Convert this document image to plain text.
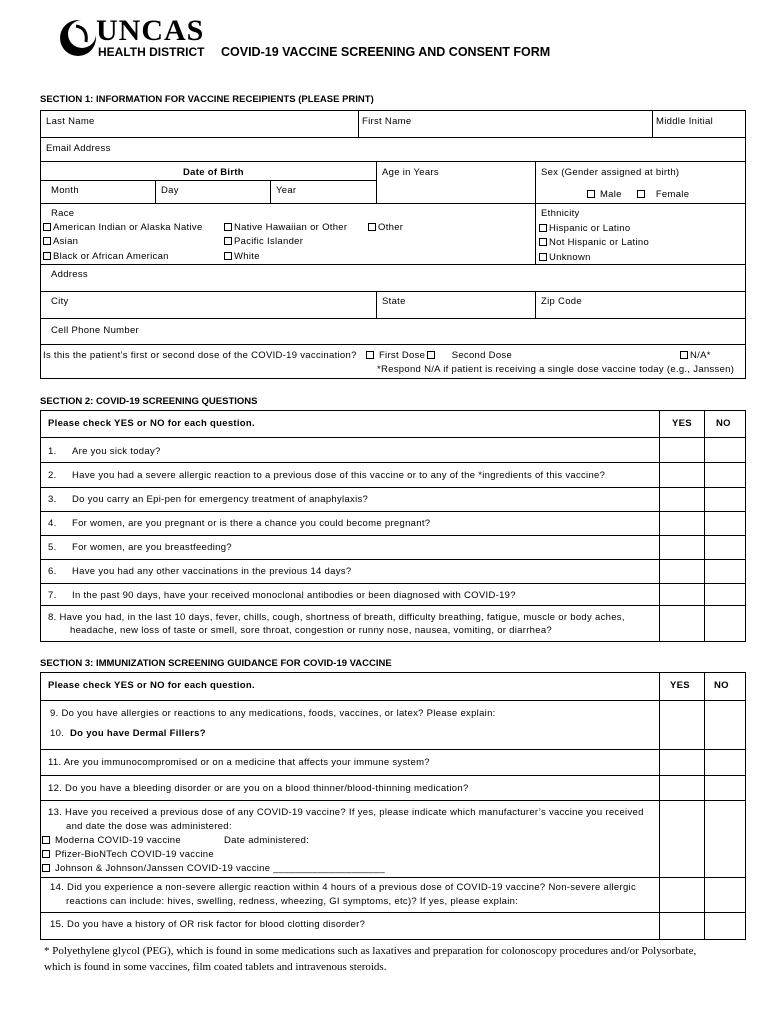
UNCAS
HEALTH DISTRICT COVID-19 VACCINE SCREENING AND CONSENT FORM
SECTION 1: INFORMATION FOR VACCINE RECEIPIENTS (PLEASE PRINT)
Last Name	First Name	Middle Initial
Email Address
Date of Birth
Month	Day	Year
Age in Years	Sex (Gender assigned at birth)
Male	Female
Race
American Indian or Alaska Native
Asian
Black or African American
Native Hawaiian or Other
Pacific Islander
White
Other
Ethnicity
Hispanic or Latino
Not Hispanic or Latino
Unknown
Address
City	State	Zip Code
Cell Phone Number
Is this the patient’s first or second dose of the COVID-19 vaccination?	First Dose	Second Dose	N/A*
*Respond N/A if patient is receiving a single dose vaccine today (e.g., Janssen)
SECTION 2: COVID-19 SCREENING QUESTIONS
Please check YES or NO for each question.	YES	NO
1. Are you sick today?
2. Have you had a severe allergic reaction to a previous dose of this vaccine or to any of the *ingredients of this vaccine?
3. Do you carry an Epi-pen for emergency treatment of anaphylaxis?
4. For women, are you pregnant or is there a chance you could become pregnant?
5. For women, are you breastfeeding?
6. Have you had any other vaccinations in the previous 14 days?
7. In the past 90 days, have your received monoclonal antibodies or been diagnosed with COVID-19?
8. Have you had, in the last 10 days, fever, chills, cough, shortness of breath, difficulty breathing, fatigue, muscle or body aches,
headache, new loss of taste or smell, sore throat, congestion or runny nose, nausea, vomiting, or diarrhea?
SECTION 3: IMMUNIZATION SCREENING GUIDANCE FOR COVID-19 VACCINE
Please check YES or NO for each question.	YES	NO
9. Do you have allergies or reactions to any medications, foods, vaccines, or latex? Please explain:
10. Do you have Dermal Fillers?
11. Are you immunocompromised or on a medicine that affects your immune system?
12. Do you have a bleeding disorder or are you on a blood thinner/blood-thinning medication?
13. Have you received a previous dose of any COVID-19 vaccine? If yes, please indicate which manufacturer’s vaccine you received
and date the dose was administered:
Moderna COVID-19 vaccine	Date administered:
Pfizer-BioNTech COVID-19 vaccine
Johnson & Johnson/Janssen COVID-19 vaccine ____________________
14. Did you experience a non-severe allergic reaction within 4 hours of a previous dose of COVID-19 vaccine? Non-severe allergic
reactions can include: hives, swelling, redness, wheezing, GI symptoms, etc)? If yes, please explain:
15. Do you have a history of OR risk factor for blood clotting disorder?
* Polyethylene glycol (PEG), which is found in some medications such as laxatives and preparation for colonoscopy procedures and/or Polysorbate,
which is found in some vaccines, film coated tablets and intravenous steroids.
